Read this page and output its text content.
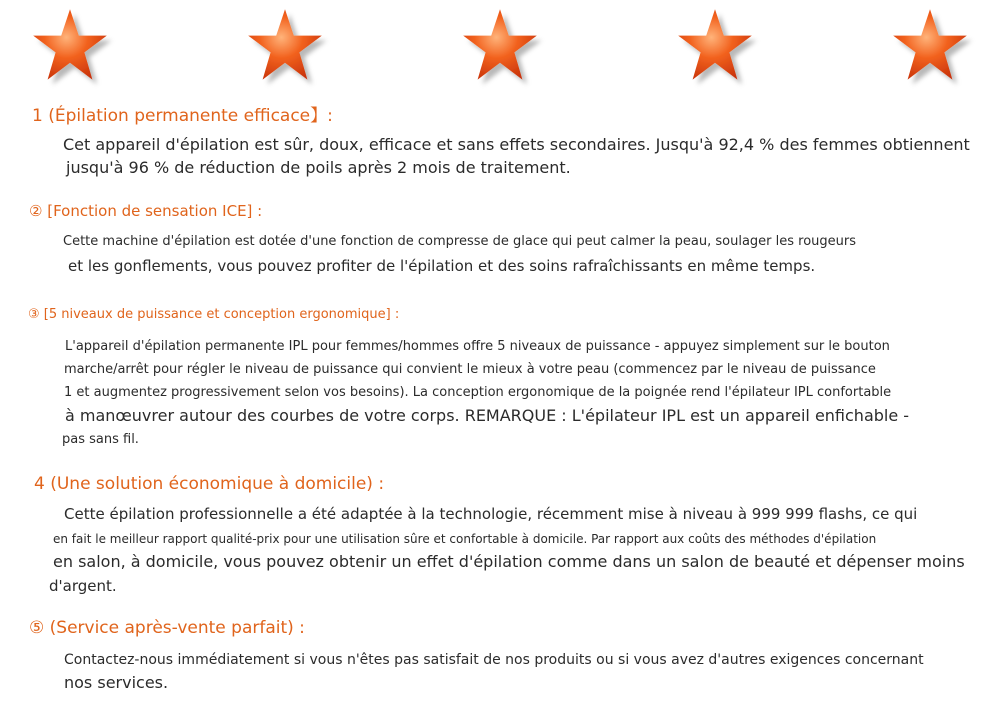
1 (Épilation permanente efficace】:
Cet appareil d'épilation est sûr, doux, efficace et sans effets secondaires. Jusqu'à 92,4 % des femmes obtiennent
jusqu'à 96 % de réduction de poils après 2 mois de traitement.
② [Fonction de sensation ICE] :
Cette machine d'épilation est dotée d'une fonction de compresse de glace qui peut calmer la peau, soulager les rougeurs
et les gonflements, vous pouvez profiter de l'épilation et des soins rafraîchissants en même temps.
③ [5 niveaux de puissance et conception ergonomique] :
L'appareil d'épilation permanente IPL pour femmes/hommes offre 5 niveaux de puissance - appuyez simplement sur le bouton
marche/arrêt pour régler le niveau de puissance qui convient le mieux à votre peau (commencez par le niveau de puissance
1 et augmentez progressivement selon vos besoins). La conception ergonomique de la poignée rend l'épilateur IPL confortable
à manœuvrer autour des courbes de votre corps. REMARQUE : L'épilateur IPL est un appareil enfichable -
pas sans fil.
4 (Une solution économique à domicile) :
Cette épilation professionnelle a été adaptée à la technologie, récemment mise à niveau à 999 999 flashs, ce qui
en fait le meilleur rapport qualité-prix pour une utilisation sûre et confortable à domicile. Par rapport aux coûts des méthodes d'épilation
en salon, à domicile, vous pouvez obtenir un effet d'épilation comme dans un salon de beauté et dépenser moins
d'argent.
⑤ (Service après-vente parfait) :
Contactez-nous immédiatement si vous n'êtes pas satisfait de nos produits ou si vous avez d'autres exigences concernant
nos services.
